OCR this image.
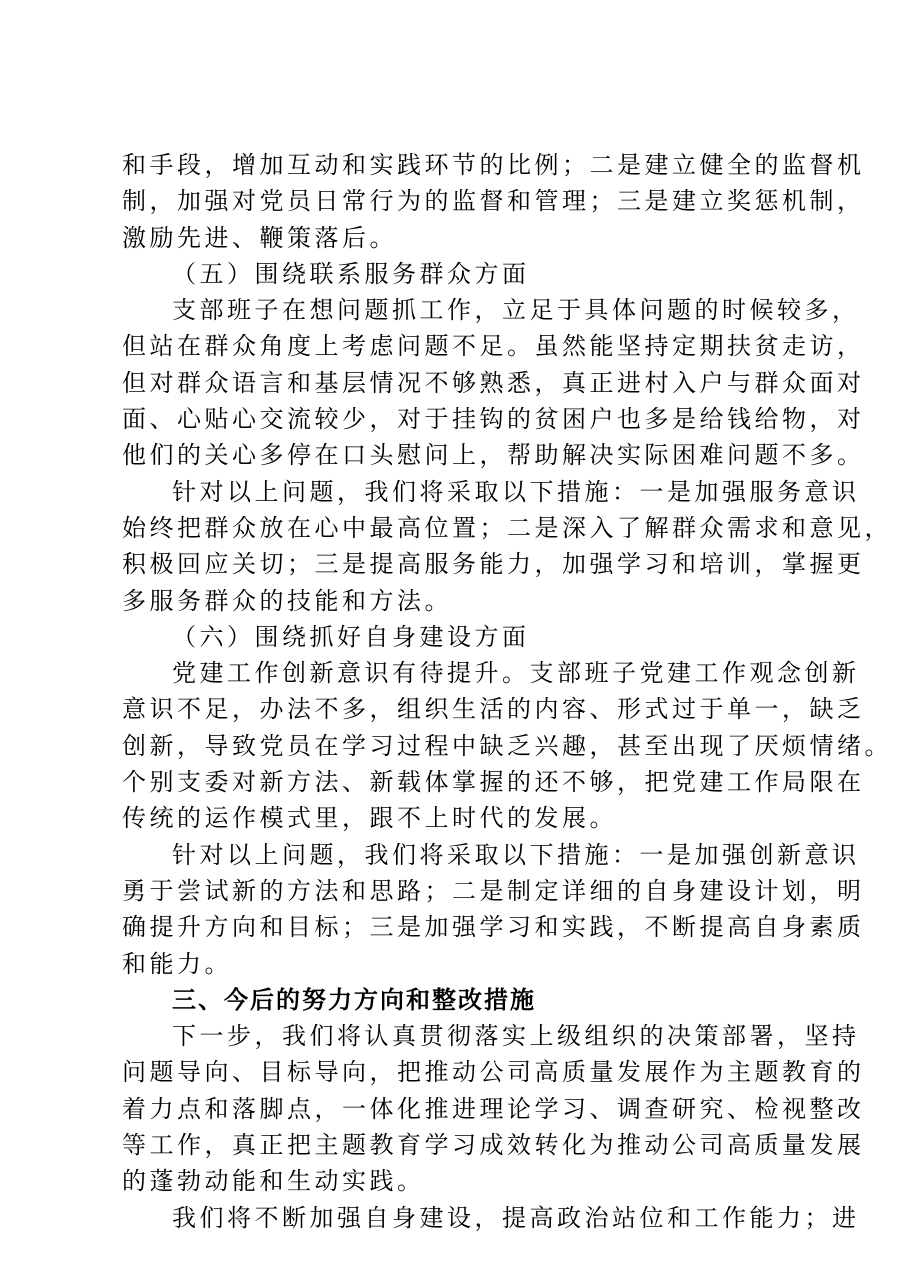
和手段，增加互动和实践环节的比例；二是建立健全的监督机
制，加强对党员日常行为的监督和管理；三是建立奖惩机制，
激励先进、鞭策落后。
（五）围绕联系服务群众方面
支部班子在想问题抓工作，立足于具体问题的时候较多，
但站在群众角度上考虑问题不足。虽然能坚持定期扶贫走访，
但对群众语言和基层情况不够熟悉，真正进村入户与群众面对
面、心贴心交流较少，对于挂钩的贫困户也多是给钱给物，对
他们的关心多停在口头慰问上，帮助解决实际困难问题不多。
针对以上问题，我们将采取以下措施：一是加强服务意识
始终把群众放在心中最高位置；二是深入了解群众需求和意见，
积极回应关切；三是提高服务能力，加强学习和培训，掌握更
多服务群众的技能和方法。
（六）围绕抓好自身建设方面
党建工作创新意识有待提升。支部班子党建工作观念创新
意识不足，办法不多，组织生活的内容、形式过于单一，缺乏
创新，导致党员在学习过程中缺乏兴趣，甚至出现了厌烦情绪。
个别支委对新方法、新载体掌握的还不够，把党建工作局限在
传统的运作模式里，跟不上时代的发展。
针对以上问题，我们将采取以下措施：一是加强创新意识
勇于尝试新的方法和思路；二是制定详细的自身建设计划，明
确提升方向和目标；三是加强学习和实践，不断提高自身素质
和能力。
三、今后的努力方向和整改措施
下一步，我们将认真贯彻落实上级组织的决策部署，坚持
问题导向、目标导向，把推动公司高质量发展作为主题教育的
着力点和落脚点，一体化推进理论学习、调查研究、检视整改
等工作，真正把主题教育学习成效转化为推动公司高质量发展
的蓬勃动能和生动实践。
我们将不断加强自身建设，提高政治站位和工作能力；进
